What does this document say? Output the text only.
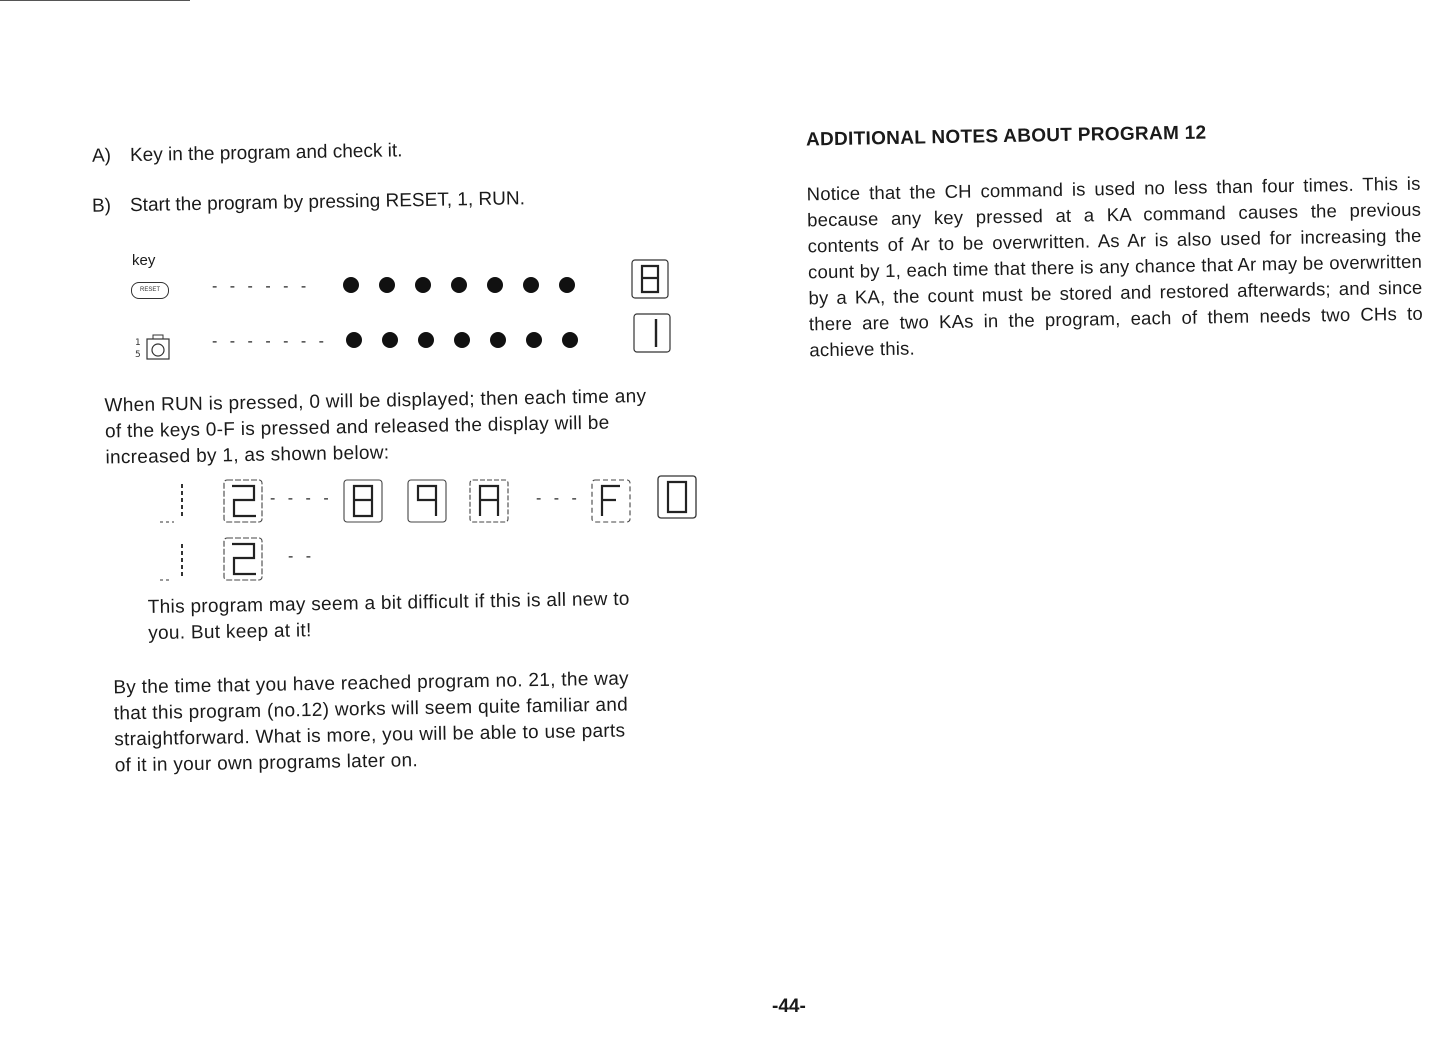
A) Key in the program and check it.
B) Start the program by pressing RESET, 1, RUN.
key
RESET	- - - - - -
1
5
- - - - - - -
When RUN is pressed, 0 will be displayed; then each time any
of the keys 0-F is pressed and released the display will be
increased by 1, as shown below:
- - - -	- - -
- -
This program may seem a bit difficult if this is all new to
you. But keep at it!
By the time that you have reached program no. 21, the way
that this program (no.12) works will seem quite familiar and
straightforward. What is more, you will be able to use parts
of it in your own programs later on.
ADDITIONAL NOTES ABOUT PROGRAM 12
Notice that the CH command is used no less than four times. This is because any key pressed at a KA command causes the previous contents of Ar to be overwritten. As Ar is also used for increasing the count by 1, each time that there is any chance that Ar may be overwritten by a KA, the count must be stored and restored afterwards; and since there are two KAs in the program, each of them needs two CHs to achieve this.
-44-
